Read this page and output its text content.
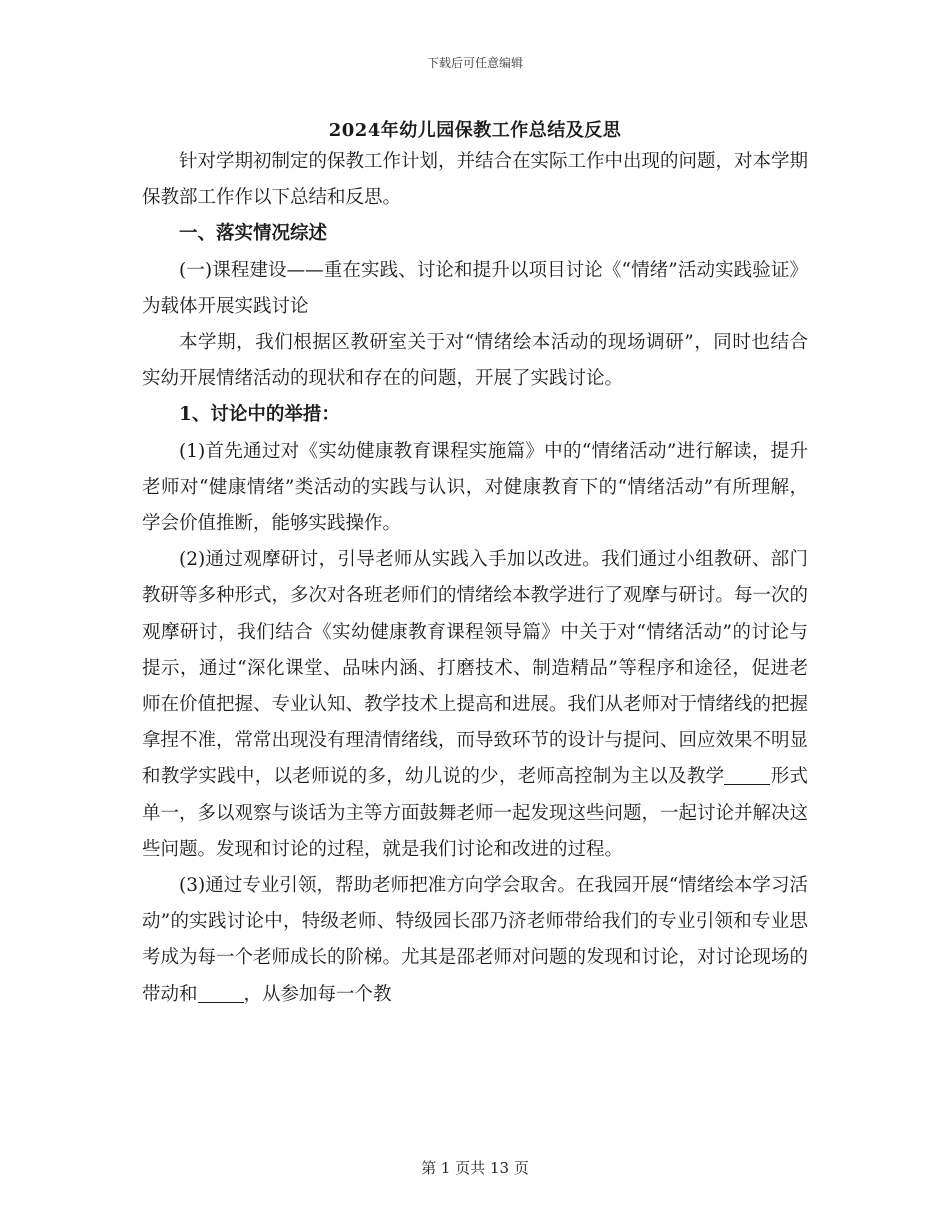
下载后可任意编辑
2024年幼儿园保教工作总结及反思

针对学期初制定的保教工作计划，并结合在实际工作中出现的问题，对本学期保教部工作作以下总结和反思。

一、落实情况综述

(一)课程建设——重在实践、讨论和提升以项目讨论《“情绪”活动实践验证》为载体开展实践讨论

本学期，我们根据区教研室关于对“情绪绘本活动的现场调研”，同时也结合实幼开展情绪活动的现状和存在的问题，开展了实践讨论。

1、讨论中的举措：

(1)首先通过对《实幼健康教育课程实施篇》中的“情绪活动”进行解读，提升老师对“健康情绪”类活动的实践与认识，对健康教育下的“情绪活动”有所理解，学会价值推断，能够实践操作。

(2)通过观摩研讨，引导老师从实践入手加以改进。我们通过小组教研、部门教研等多种形式，多次对各班老师们的情绪绘本教学进行了观摩与研讨。每一次的观摩研讨，我们结合《实幼健康教育课程领导篇》中关于对“情绪活动”的讨论与提示，通过“深化课堂、品味内涵、打磨技术、制造精品”等程序和途径，促进老师在价值把握、专业认知、教学技术上提高和进展。我们从老师对于情绪线的把握拿捏不准，常常出现没有理清情绪线，而导致环节的设计与提问、回应效果不明显和教学实践中，以老师说的多，幼儿说的少，老师高控制为主以及教学 形式单一，多以观察与谈话为主等方面鼓舞老师一起发现这些问题，一起讨论并解决这些问题。发现和讨论的过程，就是我们讨论和改进的过程。

(3)通过专业引领，帮助老师把准方向学会取舍。在我园开展“情绪绘本学习活动”的实践讨论中，特级老师、特级园长邵乃济老师带给我们的专业引领和专业思考成为每一个老师成长的阶梯。尤其是邵老师对问题的发现和讨论，对讨论现场的带动和 ，从参加每一个教

第 1 页共 13 页
